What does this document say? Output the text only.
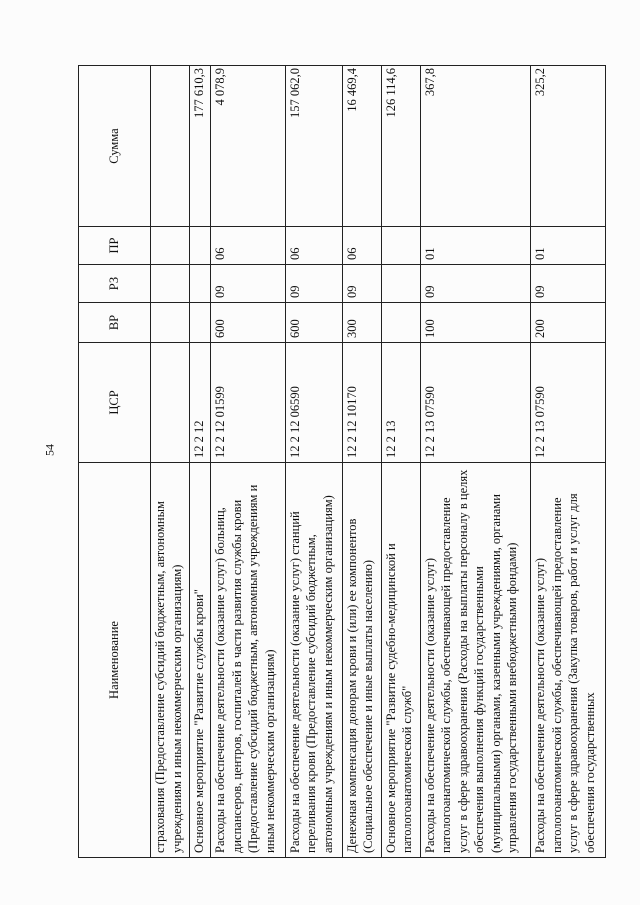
54
Наименование	ЦСР	ВР	РЗ	ПР	Сумма
страхования (Предоставление субсидий бюджетным, автономным учреждениям и иным некоммерческим организациям)					
Основное мероприятие "Развитие службы крови"	12 2 12				177 610,3
Расходы на обеспечение деятельности (оказание услуг) больниц, диспансеров, центров, госпиталей в части развития службы крови (Предоставление субсидий бюджетным, автономным учреждениям и иным некоммерческим организациям)	12 2 12 01599	600	09	06	4 078,9
Расходы на обеспечение деятельности (оказание услуг) станций переливания крови (Предоставление субсидий бюджетным, автономным учреждениям и иным некоммерческим организациям)	12 2 12 06590	600	09	06	157 062,0
Денежная компенсация донорам крови и (или) ее компонентов (Социальное обеспечение и иные выплаты населению)	12 2 12 10170	300	09	06	16 469,4
Основное мероприятие "Развитие судебно-медицинской и патологоанатомической служб"	12 2 13				126 114,6
Расходы на обеспечение деятельности (оказание услуг) патологоанатомической службы, обеспечивающей предоставление услуг в сфере здравоохранения (Расходы на выплаты персоналу в целях обеспечения выполнения функций государственными (муниципальными) органами, казенными учреждениями, органами управления государственными внебюджетными фондами)	12 2 13 07590	100	09	01	367,8
Расходы на обеспечение деятельности (оказание услуг) патологоанатомической службы, обеспечивающей предоставление услуг в сфере здравоохранения (Закупка товаров, работ и услуг для обеспечения государственных	12 2 13 07590	200	09	01	325,2
